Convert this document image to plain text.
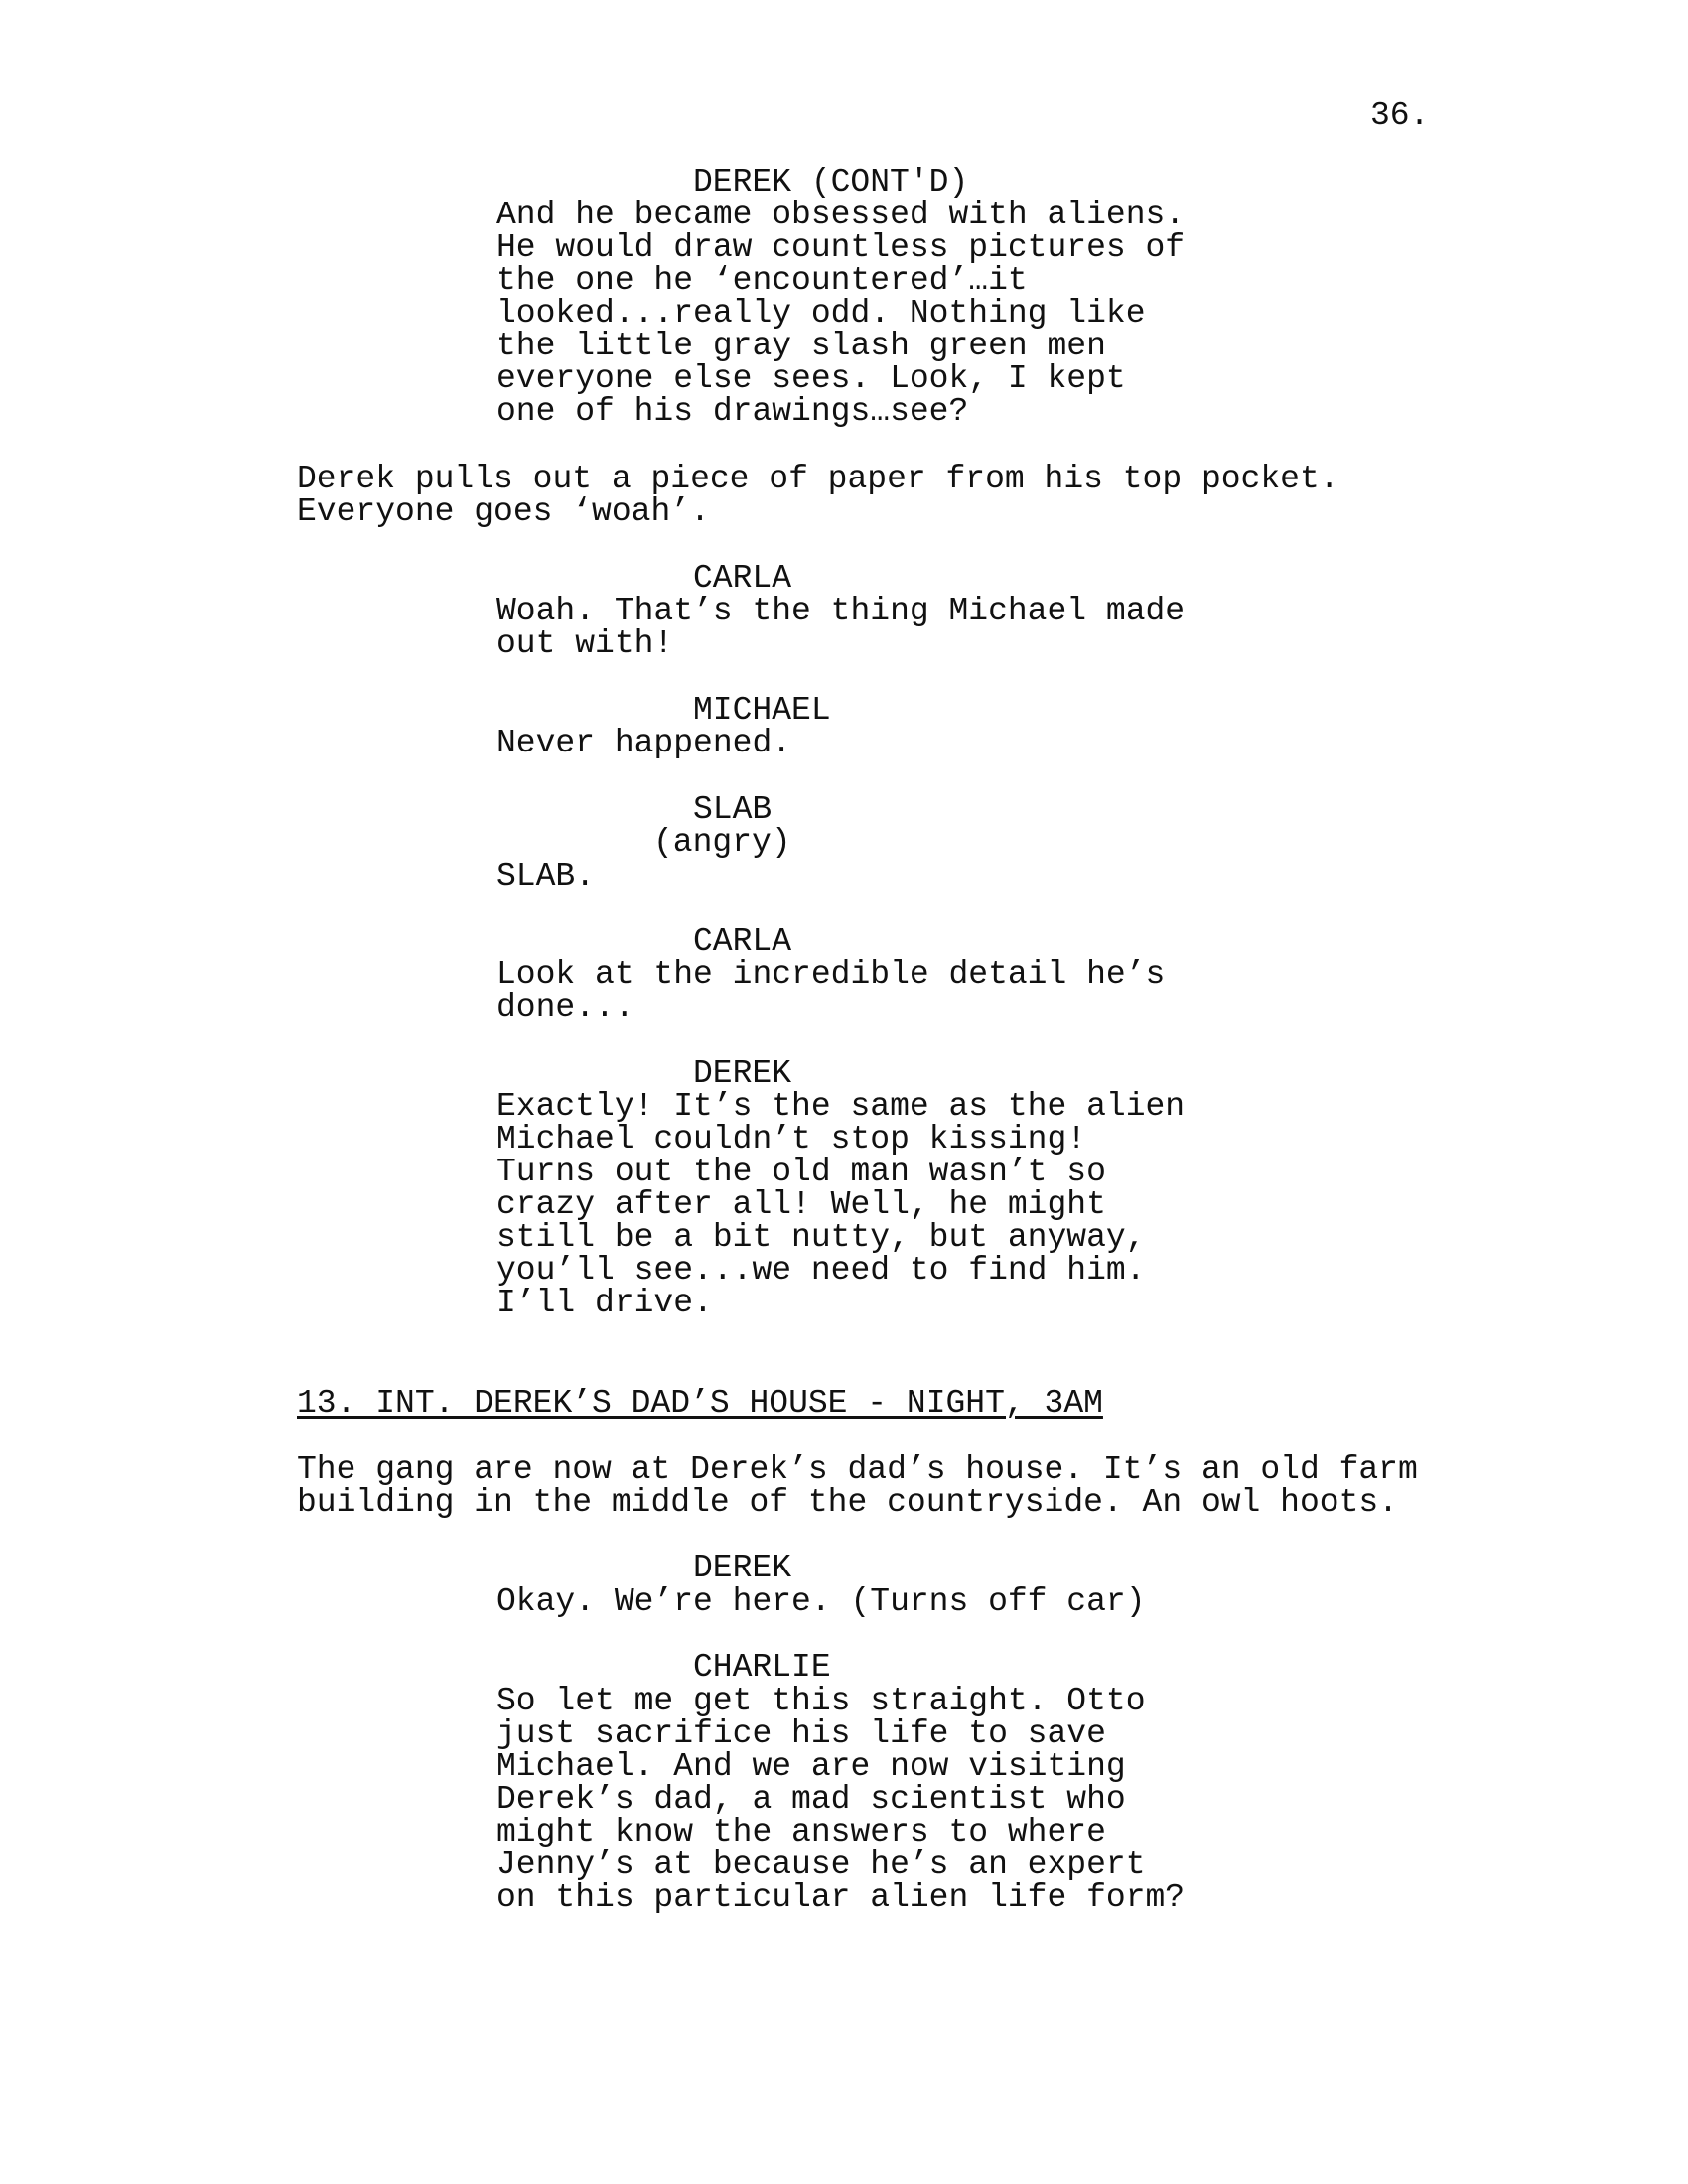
36.
DEREK (CONT'D)
And he became obsessed with aliens.
He would draw countless pictures of
the one he ‘encountered’…it
looked...really odd. Nothing like
the little gray slash green men
everyone else sees. Look, I kept
one of his drawings…see?
Derek pulls out a piece of paper from his top pocket.
Everyone goes ‘woah’.
CARLA
Woah. That’s the thing Michael made
out with!
MICHAEL
Never happened.
SLAB
(angry)
SLAB.
CARLA
Look at the incredible detail he’s
done...
DEREK
Exactly! It’s the same as the alien
Michael couldn’t stop kissing!
Turns out the old man wasn’t so
crazy after all! Well, he might
still be a bit nutty, but anyway,
you’ll see...we need to find him.
I’ll drive.
13. INT. DEREK’S DAD’S HOUSE - NIGHT, 3AM
The gang are now at Derek’s dad’s house. It’s an old farm
building in the middle of the countryside. An owl hoots.
DEREK
Okay. We’re here. (Turns off car)
CHARLIE
So let me get this straight. Otto
just sacrifice his life to save
Michael. And we are now visiting
Derek’s dad, a mad scientist who
might know the answers to where
Jenny’s at because he’s an expert
on this particular alien life form?
